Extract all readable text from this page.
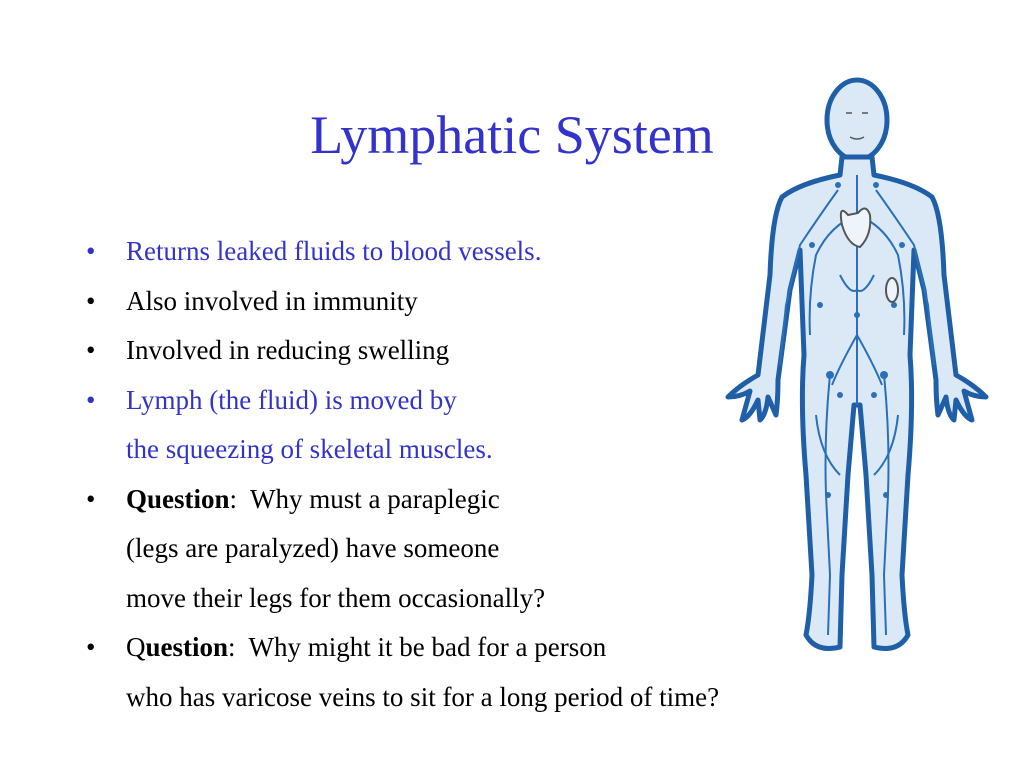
Lymphatic System
•	Returns leaked fluids to blood vessels.
•	Also involved in immunity
•	Involved in reducing swelling
•	Lymph (the fluid) is moved by
the squeezing of skeletal muscles.
•	Question:  Why must a paraplegic
(legs are paralyzed) have someone
move their legs for them occasionally?
•	Question:  Why might it be bad for a person
who has varicose veins to sit for a long period of time?
